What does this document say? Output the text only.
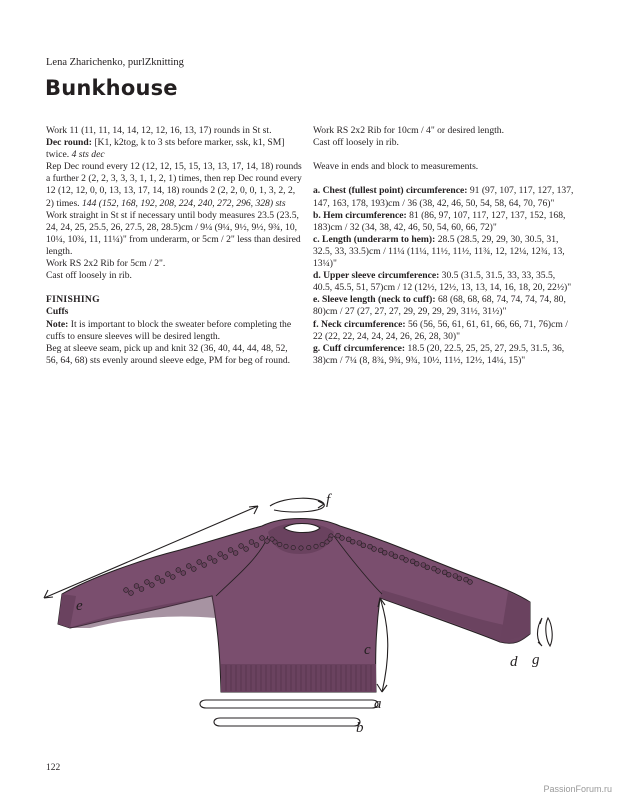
Lena Zharichenko, purlZknitting
Bunkhouse

Work 11 (11, 11, 14, 14, 12, 12, 16, 13, 17) rounds in St st.

Dec round: [K1, k2tog, k to 3 sts before marker, ssk, k1, SM] twice. 4 sts dec

Rep Dec round every 12 (12, 12, 15, 15, 13, 13, 17, 14, 18) rounds a further 2 (2, 2, 3, 3, 3, 1, 1, 2, 1) times, then rep Dec round every 12 (12, 12, 0, 0, 13, 13, 17, 14, 18) rounds 2 (2, 2, 0, 0, 1, 3, 2, 2, 2) times. 144 (152, 168, 192, 208, 224, 240, 272, 296, 328) sts

Work straight in St st if necessary until body measures 23.5 (23.5, 24, 24, 25, 25.5, 26, 27.5, 28, 28.5)cm / 9¼ (9¼, 9½, 9½, 9¾, 10, 10¼, 10¾, 11, 11¼)" from underarm, or 5cm / 2" less than desired length.

Work RS 2x2 Rib for 5cm / 2".

Cast off loosely in rib.

FINISHING

Cuffs

Note: It is important to block the sweater before completing the cuffs to ensure sleeves will be desired length.

Beg at sleeve seam, pick up and knit 32 (36, 40, 44, 44, 48, 52, 56, 64, 68) sts evenly around sleeve edge, PM for beg of round.

Work RS 2x2 Rib for 10cm / 4" or desired length.

Cast off loosely in rib.

Weave in ends and block to measurements.

a. Chest (fullest point) circumference: 91 (97, 107, 117, 127, 137, 147, 163, 178, 193)cm / 36 (38, 42, 46, 50, 54, 58, 64, 70, 76)"

b. Hem circumference: 81 (86, 97, 107, 117, 127, 137, 152, 168, 183)cm / 32 (34, 38, 42, 46, 50, 54, 60, 66, 72)"

c. Length (underarm to hem): 28.5 (28.5, 29, 29, 30, 30.5, 31, 32.5, 33, 33.5)cm / 11¼ (11¼, 11½, 11½, 11¾, 12, 12¼, 12¾, 13, 13¼)"

d. Upper sleeve circumference: 30.5 (31.5, 31.5, 33, 33, 35.5, 40.5, 45.5, 51, 57)cm / 12 (12½, 12½, 13, 13, 14, 16, 18, 20, 22½)"

e. Sleeve length (neck to cuff): 68 (68, 68, 68, 74, 74, 74, 74, 80, 80)cm / 27 (27, 27, 27, 29, 29, 29, 29, 31½, 31½)"

f. Neck circumference: 56 (56, 56, 61, 61, 61, 66, 66, 71, 76)cm / 22 (22, 22, 24, 24, 24, 26, 26, 28, 30)"

g. Cuff circumference: 18.5 (20, 22.5, 25, 25, 27, 29.5, 31.5, 36, 38)cm / 7¼ (8, 8¾, 9¾, 9¾, 10½, 11½, 12½, 14¼, 15)"

e
f
c
a
b
d g
122
PassionForum.ru
